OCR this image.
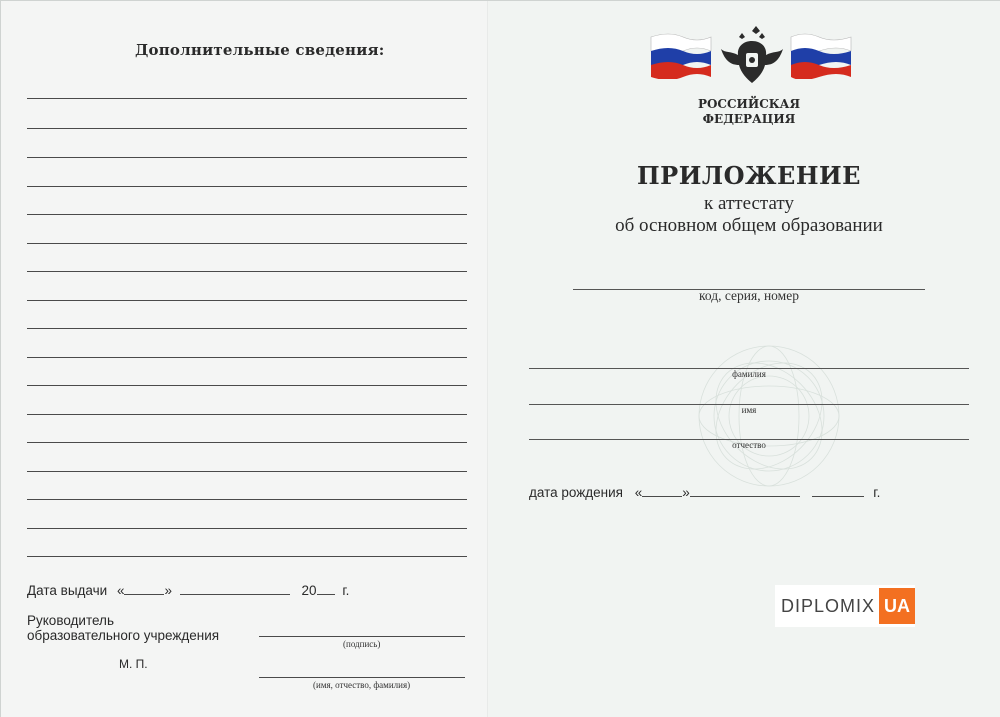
Дополнительные сведения:
Дата выдачи «	»	20 г.
Руководитель
образовательного учреждения
(подпись)
М. П.
(имя, отчество, фамилия)
РОССИЙСКАЯ
ФЕДЕРАЦИЯ
ПРИЛОЖЕНИЕ
к аттестату
об основном общем образовании
код, серия, номер
фамилия
имя
отчество
дата рождения «	»	г.
DIPLOMIX UA
